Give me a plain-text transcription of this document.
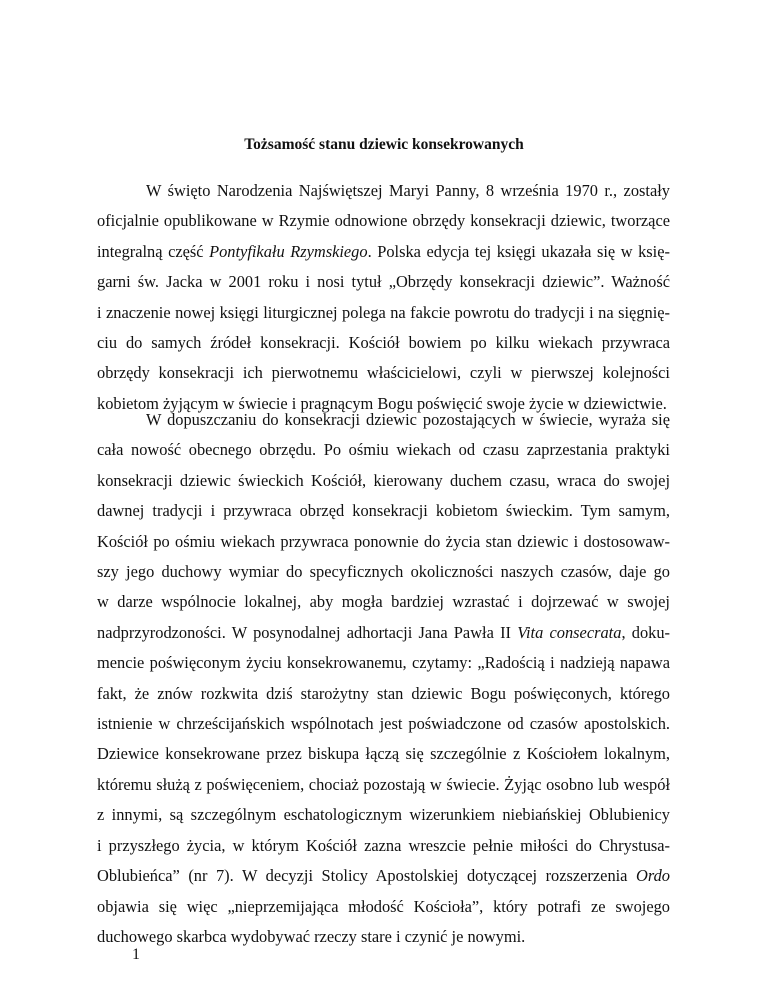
Tożsamość stanu dziewic konsekrowanych
W święto Narodzenia Najświętszej Maryi Panny, 8 września 1970 r., zostały
oficjalnie opublikowane w Rzymie odnowione obrzędy konsekracji dziewic, tworzące
integralną część Pontyfikału Rzymskiego. Polska edycja tej księgi ukazała się w księ-
garni św. Jacka w 2001 roku i nosi tytuł „Obrzędy konsekracji dziewic”. Ważność
i znaczenie nowej księgi liturgicznej polega na fakcie powrotu do tradycji i na sięgnię-
ciu do samych źródeł konsekracji. Kościół bowiem po kilku wiekach przywraca
obrzędy konsekracji ich pierwotnemu właścicielowi, czyli w pierwszej kolejności
kobietom żyjącym w świecie i pragnącym Bogu poświęcić swoje życie w dziewictwie.
W dopuszczaniu do konsekracji dziewic pozostających w świecie, wyraża się
cała nowość obecnego obrzędu. Po ośmiu wiekach od czasu zaprzestania praktyki
konsekracji dziewic świeckich Kościół, kierowany duchem czasu, wraca do swojej
dawnej tradycji i przywraca obrzęd konsekracji kobietom świeckim. Tym samym,
Kościół po ośmiu wiekach przywraca ponownie do życia stan dziewic i dostosowaw-
szy jego duchowy wymiar do specyficznych okoliczności naszych czasów, daje go
w darze wspólnocie lokalnej, aby mogła bardziej wzrastać i dojrzewać w swojej
nadprzyrodzoności. W posynodalnej adhortacji Jana Pawła II Vita consecrata, doku-
mencie poświęconym życiu konsekrowanemu, czytamy: „Radością i nadzieją napawa
fakt, że znów rozkwita dziś starożytny stan dziewic Bogu poświęconych, którego
istnienie w chrześcijańskich wspólnotach jest poświadczone od czasów apostolskich.
Dziewice konsekrowane przez biskupa łączą się szczególnie z Kościołem lokalnym,
któremu służą z poświęceniem, chociaż pozostają w świecie. Żyjąc osobno lub wespół
z innymi, są szczególnym eschatologicznym wizerunkiem niebiańskiej Oblubienicy
i przyszłego życia, w którym Kościół zazna wreszcie pełnie miłości do Chrystusa-
Oblubieńca” (nr 7). W decyzji Stolicy Apostolskiej dotyczącej rozszerzenia Ordo
objawia się więc „nieprzemijająca młodość Kościoła”, który potrafi ze swojego
duchowego skarbca wydobywać rzeczy stare i czynić je nowymi.
1
